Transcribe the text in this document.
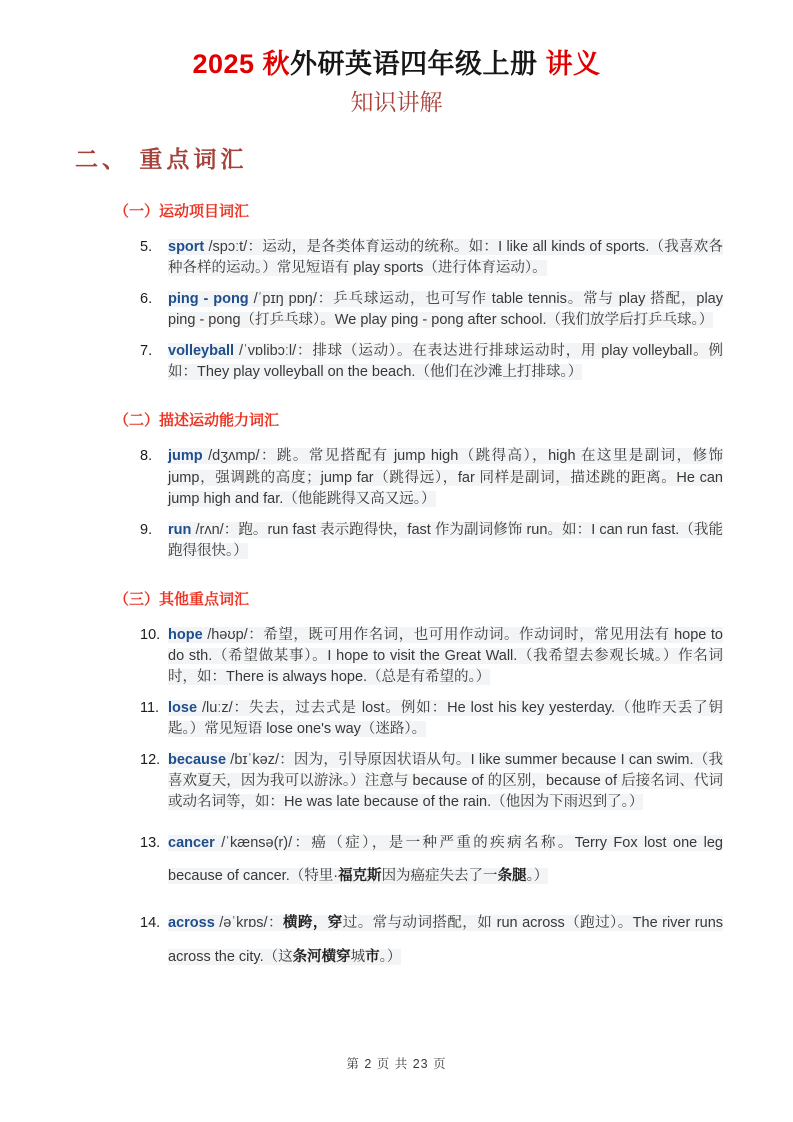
2025 秋外研英语四年级上册 讲义
知识讲解
二、 重点词汇
（一）运动项目词汇
5.	sport /spɔːt/：运动，是各类体育运动的统称。如：I like all kinds of sports.（我喜欢各种各样的运动。）常见短语有 play sports（进行体育运动）。
6.	ping - pong /ˈpɪŋ pɒŋ/：乒乓球运动，也可写作 table tennis。常与 play 搭配，play ping - pong（打乒乓球）。We play ping - pong after school.（我们放学后打乒乓球。）
7.	volleyball /ˈvɒlibɔːl/：排球（运动）。在表达进行排球运动时，用 play volleyball。例如：They play volleyball on the beach.（他们在沙滩上打排球。）
（二）描述运动能力词汇
8.	jump /dʒʌmp/：跳。常见搭配有 jump high（跳得高），high 在这里是副词，修饰 jump，强调跳的高度；jump far（跳得远），far 同样是副词，描述跳的距离。He can jump high and far.（他能跳得又高又远。）
9.	run /rʌn/：跑。run fast 表示跑得快，fast 作为副词修饰 run。如：I can run fast.（我能跑得很快。）
（三）其他重点词汇
10. hope /həʊp/：希望，既可用作名词，也可用作动词。作动词时，常见用法有 hope to do sth.（希望做某事）。I hope to visit the Great Wall.（我希望去参观长城。）作名词时，如：There is always hope.（总是有希望的。）
11. lose /luːz/：失去，过去式是 lost。例如：He lost his key yesterday.（他昨天丢了钥匙。）常见短语 lose one's way（迷路）。
12. because /bɪˈkəz/：因为，引导原因状语从句。I like summer because I can swim.（我喜欢夏天，因为我可以游泳。）注意与 because of 的区别，because of 后接名词、代词或动名词等，如：He was late because of the rain.（他因为下雨迟到了。）
13. cancer /ˈkænsə(r)/：癌（症），是一种严重的疾病名称。Terry Fox lost one leg because of cancer.（特里·福克斯因为癌症失去了一条腿。）
14. across /əˈkrɒs/：横跨，穿过。常与动词搭配，如 run across（跑过）。The river runs across the city.（这条河横穿城市。）
第 2 页 共 23 页
